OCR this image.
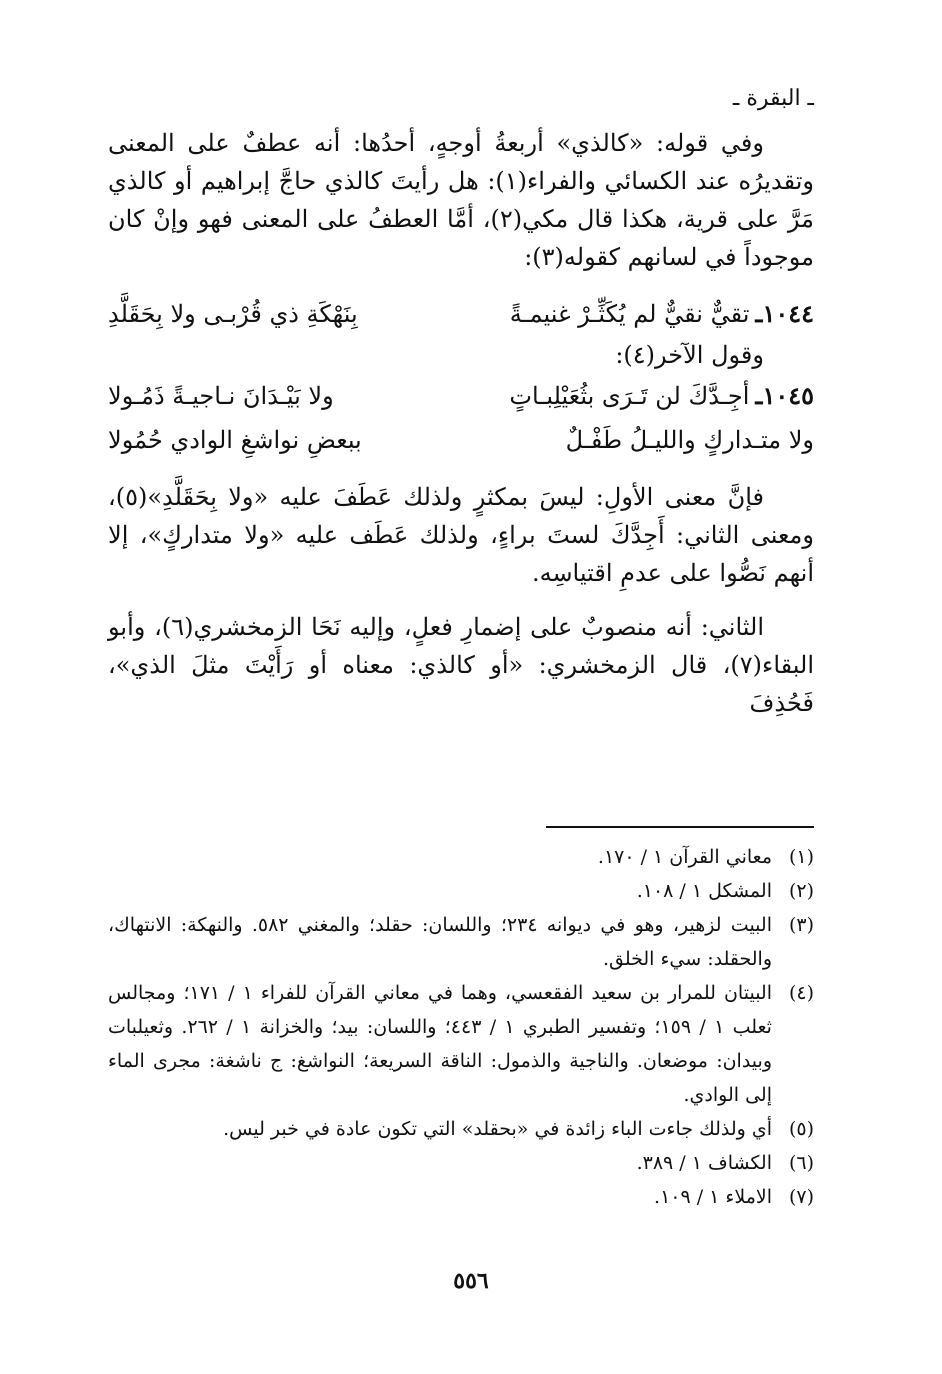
ـ البقرة ـ

وفي قوله: «كالذي» أربعةُ أوجهٍ، أحدُها: أنه عطفٌ على المعنى وتقديرُه عند الكسائي والفراء(١): هل رأيتَ كالذي حاجَّ إبراهيم أو كالذي مَرَّ على قرية، هكذا قال مكي(٢)، أمَّا العطفُ على المعنى فهو وإنْ كان موجوداً في لسانهم كقوله(٣):

١٠٤٤ـ
تقيٌّ نقيٌّ لم يُكَثِّـرْ غنيمـةً
بِنَهْكَةِ ذي قُرْبـى ولا بِحَقَلَّدِ

وقول الآخر(٤):

١٠٤٥ـ
أجِـدَّكَ لن تَـرَى بثُعَيْلِبـاتٍ
ولا بَيْـدَانَ نـاجيـةً ذَمُـولا
ولا متـداركٍ والليـلُ طَفْـلٌ
ببعضِ نواشغِ الوادي حُمُولا

فإنَّ معنى الأولِ: ليسَ بمكثرٍ ولذلك عَطَفَ عليه «ولا بِحَقَلَّدِ»(٥)، ومعنى الثاني: أَجِدَّكَ لستَ براءٍ، ولذلك عَطَف عليه «ولا متداركٍ»، إلا أنهم نَصُّوا على عدمِ اقتياسِه.

الثاني: أنه منصوبٌ على إضمارِ فعلٍ، وإليه نَحَا الزمخشري(٦)، وأبو البقاء(٧)، قال الزمخشري: «أو كالذي: معناه أو رَأَيْتَ مثلَ الذي»، فَحُذِفَ

(١)
معاني القرآن ١ / ١٧٠.
(٢)
المشكل ١ / ١٠٨.
(٣)
البيت لزهير، وهو في ديوانه ٢٣٤؛ واللسان: حقلد؛ والمغني ٥٨٢. والنهكة: الانتهاك، والحقلد: سيء الخلق.
(٤)
البيتان للمرار بن سعيد الفقعسي، وهما في معاني القرآن للفراء ١ / ١٧١؛ ومجالس ثعلب ١ / ١٥٩؛ وتفسير الطبري ١ / ٤٤٣؛ واللسان: بيد؛ والخزانة ١ / ٢٦٢. وثعيلبات وبيدان: موضعان. والناجية والذمول: الناقة السريعة؛ النواشغ: ج ناشغة: مجرى الماء إلى الوادي.
(٥)
أي ولذلك جاءت الباء زائدة في «بحقلد» التي تكون عادة في خبر ليس.
(٦)
الكشاف ١ / ٣٨٩.
(٧)
الاملاء ١ / ١٠٩.
٥٥٦
